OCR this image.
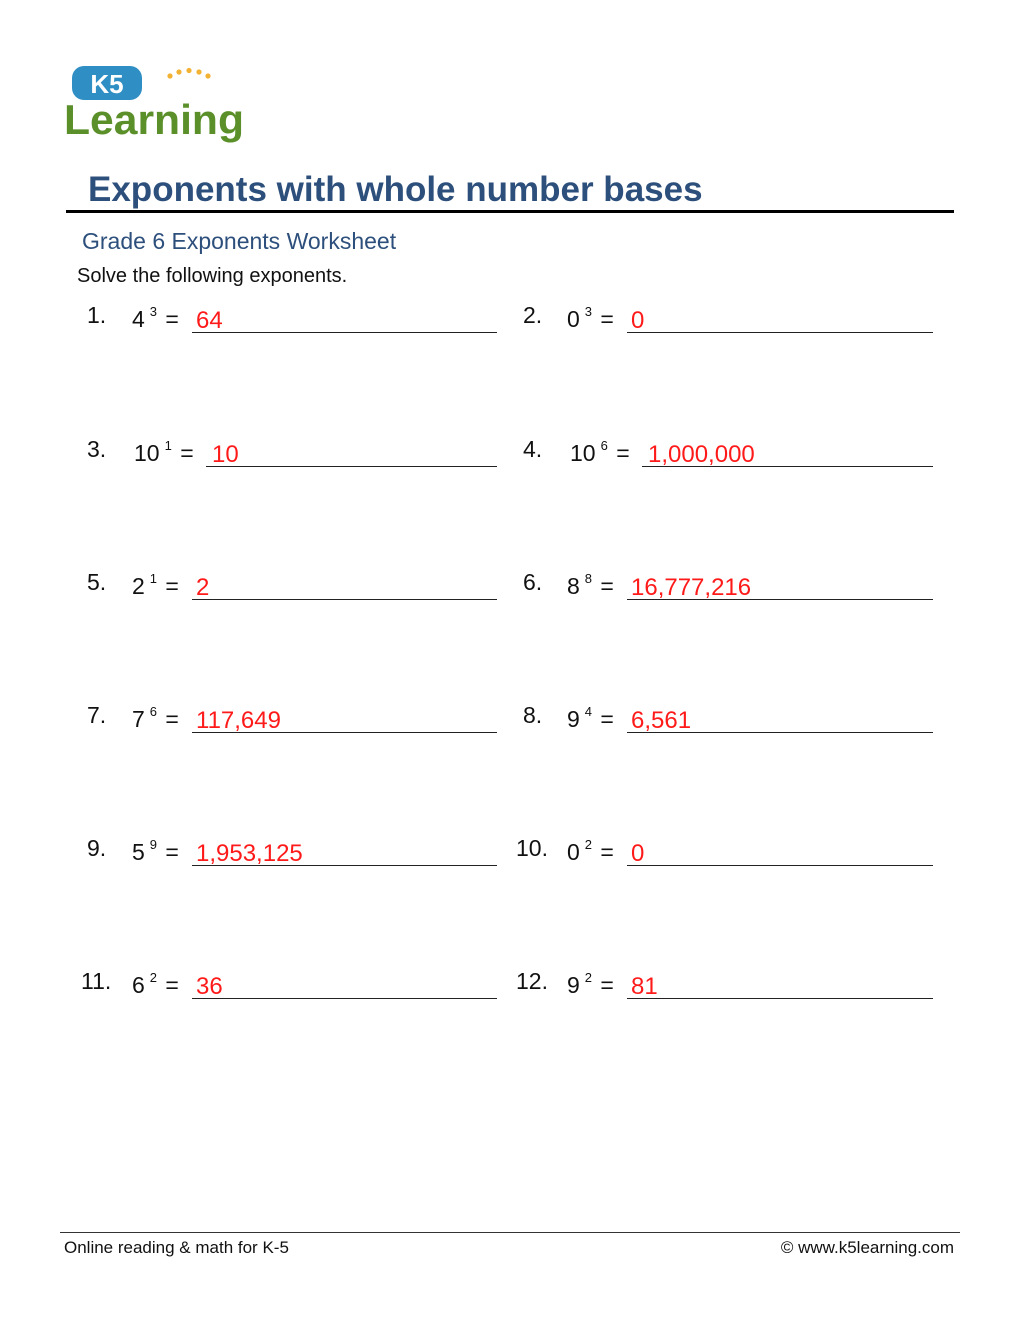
K5
Learning
Exponents with whole number bases
Grade 6 Exponents Worksheet
Solve the following exponents.
1. 4 $^3$ = 64
3. 10 $^1$ = 10
5. 2 $^1$ = 2
7. 7 $^6$ = 117,649
9. 5 $^9$ = 1,953,125
11. 6 $^2$ = 36
2. 0 $^3$ = 0
4. 10 $^6$ = 1,000,000
6. 8 $^8$ = 16,777,216
8. 9 $^4$ = 6,561
10. 0 $^2$ = 0
12. 9 $^2$ = 81
Online reading & math for K-5	© www.k5learning.com
